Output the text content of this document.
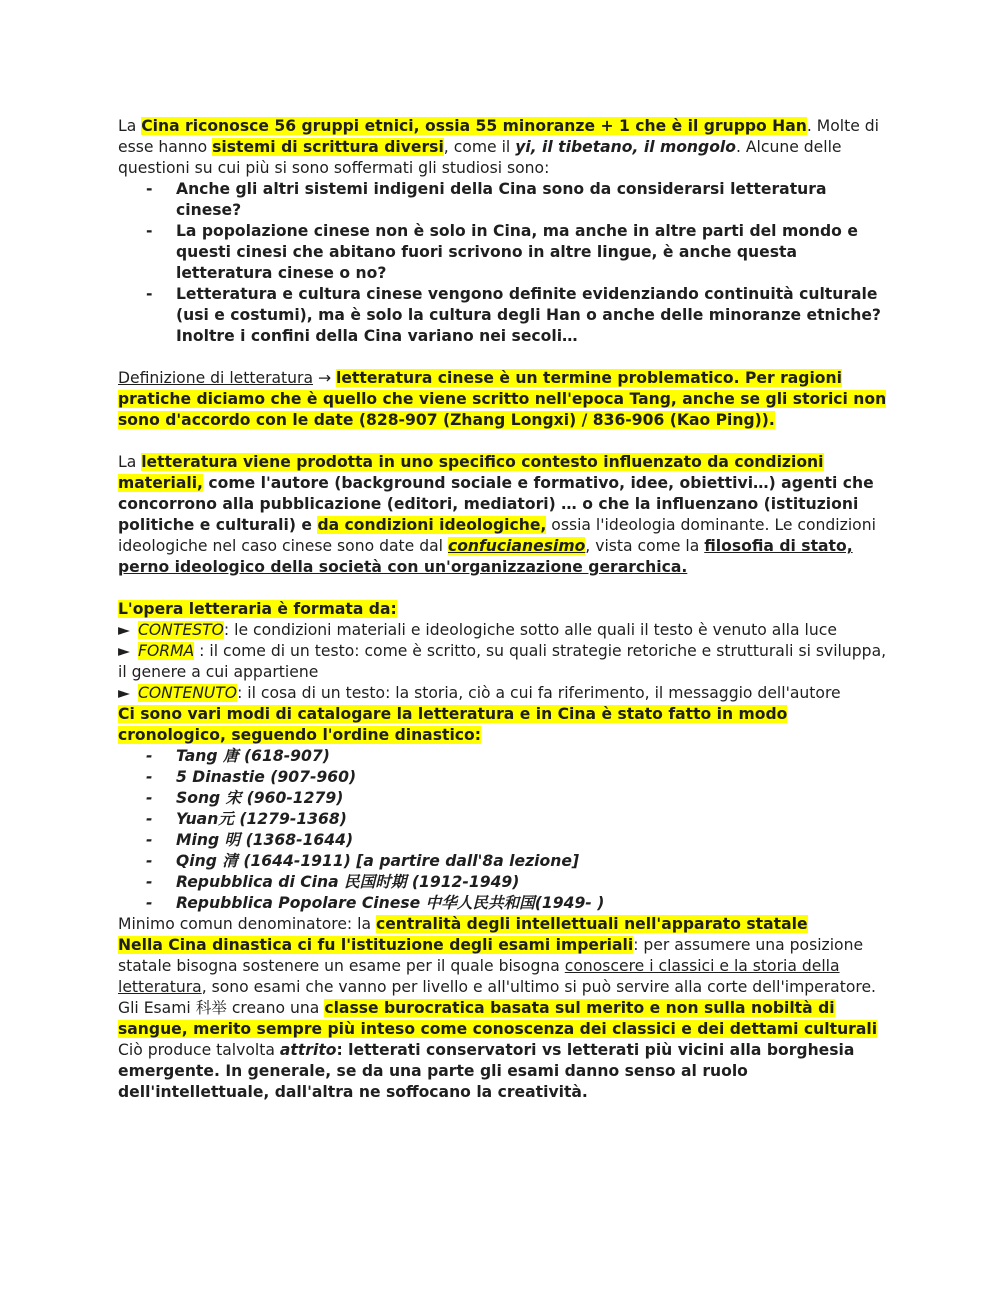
La Cina riconosce 56 gruppi etnici, ossia 55 minoranze + 1 che è il gruppo Han. Molte di esse hanno sistemi di scrittura diversi, come il yi, il tibetano, il mongolo. Alcune delle questioni su cui più si sono soffermati gli studiosi sono:

- Anche gli altri sistemi indigeni della Cina sono da considerarsi letteratura cinese?
- La popolazione cinese non è solo in Cina, ma anche in altre parti del mondo e questi cinesi che abitano fuori scrivono in altre lingue, è anche questa letteratura cinese o no?
- Letteratura e cultura cinese vengono definite evidenziando continuità culturale (usi e costumi), ma è solo la cultura degli Han o anche delle minoranze etniche? Inoltre i confini della Cina variano nei secoli…

Definizione di letteratura → letteratura cinese è un termine problematico. Per ragioni pratiche diciamo che è quello che viene scritto nell'epoca Tang, anche se gli storici non sono d'accordo con le date (828-907 (Zhang Longxi) / 836-906 (Kao Ping)).

La letteratura viene prodotta in uno specifico contesto influenzato da condizioni materiali, come l'autore (background sociale e formativo, idee, obiettivi…) agenti che concorrono alla pubblicazione (editori, mediatori) … o che la influenzano (istituzioni politiche e culturali) e da condizioni ideologiche, ossia l'ideologia dominante. Le condizioni ideologiche nel caso cinese sono date dal confucianesimo, vista come la filosofia di stato, perno ideologico della società con un'organizzazione gerarchica.

L'opera letteraria è formata da:

► CONTESTO: le condizioni materiali e ideologiche sotto alle quali il testo è venuto alla luce

► FORMA : il come di un testo: come è scritto, su quali strategie retoriche e strutturali si sviluppa, il genere a cui appartiene

► CONTENUTO: il cosa di un testo: la storia, ciò a cui fa riferimento, il messaggio dell'autore

Ci sono vari modi di catalogare la letteratura e in Cina è stato fatto in modo cronologico, seguendo l'ordine dinastico:

- Tang 唐 (618-907)
- 5 Dinastie (907-960)
- Song 宋 (960-1279)
- Yuan元 (1279-1368)
- Ming 明 (1368-1644)
- Qing 清 (1644-1911) [a partire dall'8a lezione]
- Repubblica di Cina 民国时期 (1912-1949)
- Repubblica Popolare Cinese 中华人民共和国(1949- )

Minimo comun denominatore: la centralità degli intellettuali nell'apparato statale

Nella Cina dinastica ci fu l'istituzione degli esami imperiali: per assumere una posizione statale bisogna sostenere un esame per il quale bisogna conoscere i classici e la storia della letteratura, sono esami che vanno per livello e all'ultimo si può servire alla corte dell'imperatore. Gli Esami 科举 creano una classe burocratica basata sul merito e non sulla nobiltà di sangue, merito sempre più inteso come conoscenza dei classici e dei dettami culturali Ciò produce talvolta attrito: letterati conservatori vs letterati più vicini alla borghesia emergente. In generale, se da una parte gli esami danno senso al ruolo dell'intellettuale, dall'altra ne soffocano la creatività.
